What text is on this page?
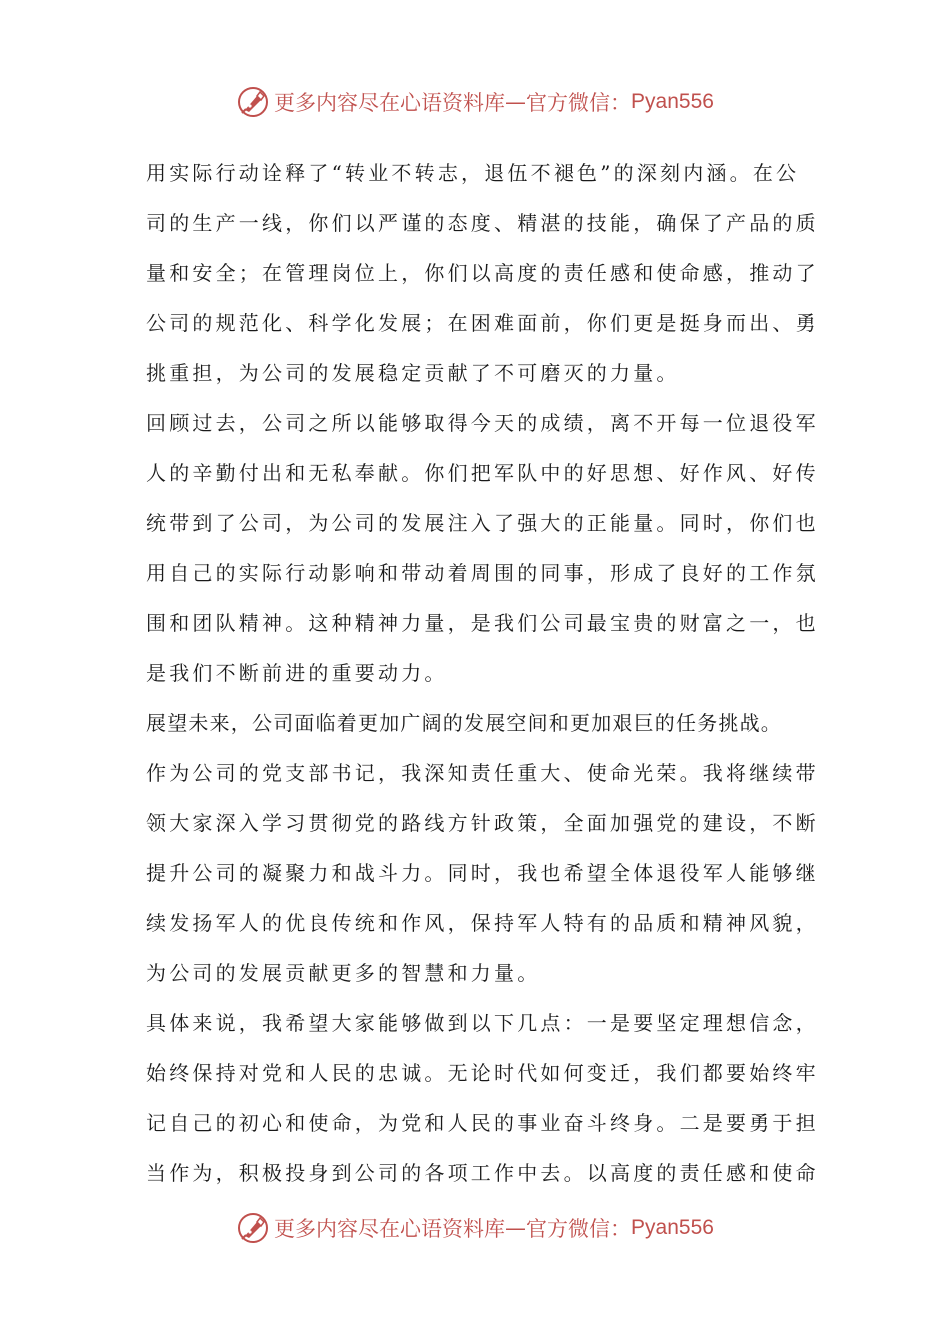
更多内容尽在心语资料库 — 官方微信： Pyan556
用实际行动诠释了“转业不转志，退伍不褪色”的深刻内涵。在公
司的生产一线，你们以严谨的态度、精湛的技能，确保了产品的质
量和安全；在管理岗位上，你们以高度的责任感和使命感，推动了
公司的规范化、科学化发展；在困难面前，你们更是挺身而出、勇
挑重担，为公司的发展稳定贡献了不可磨灭的力量。
回顾过去，公司之所以能够取得今天的成绩，离不开每一位退役军
人的辛勤付出和无私奉献。你们把军队中的好思想、好作风、好传
统带到了公司，为公司的发展注入了强大的正能量。同时，你们也
用自己的实际行动影响和带动着周围的同事，形成了良好的工作氛
围和团队精神。这种精神力量，是我们公司最宝贵的财富之一，也
是我们不断前进的重要动力。
展望未来，公司面临着更加广阔的发展空间和更加艰巨的任务挑战。
作为公司的党支部书记，我深知责任重大、使命光荣。我将继续带
领大家深入学习贯彻党的路线方针政策，全面加强党的建设，不断
提升公司的凝聚力和战斗力。同时，我也希望全体退役军人能够继
续发扬军人的优良传统和作风，保持军人特有的品质和精神风貌，
为公司的发展贡献更多的智慧和力量。
具体来说，我希望大家能够做到以下几点：一是要坚定理想信念，
始终保持对党和人民的忠诚。无论时代如何变迁，我们都要始终牢
记自己的初心和使命，为党和人民的事业奋斗终身。二是要勇于担
当作为，积极投身到公司的各项工作中去。以高度的责任感和使命
更多内容尽在心语资料库 — 官方微信： Pyan556
